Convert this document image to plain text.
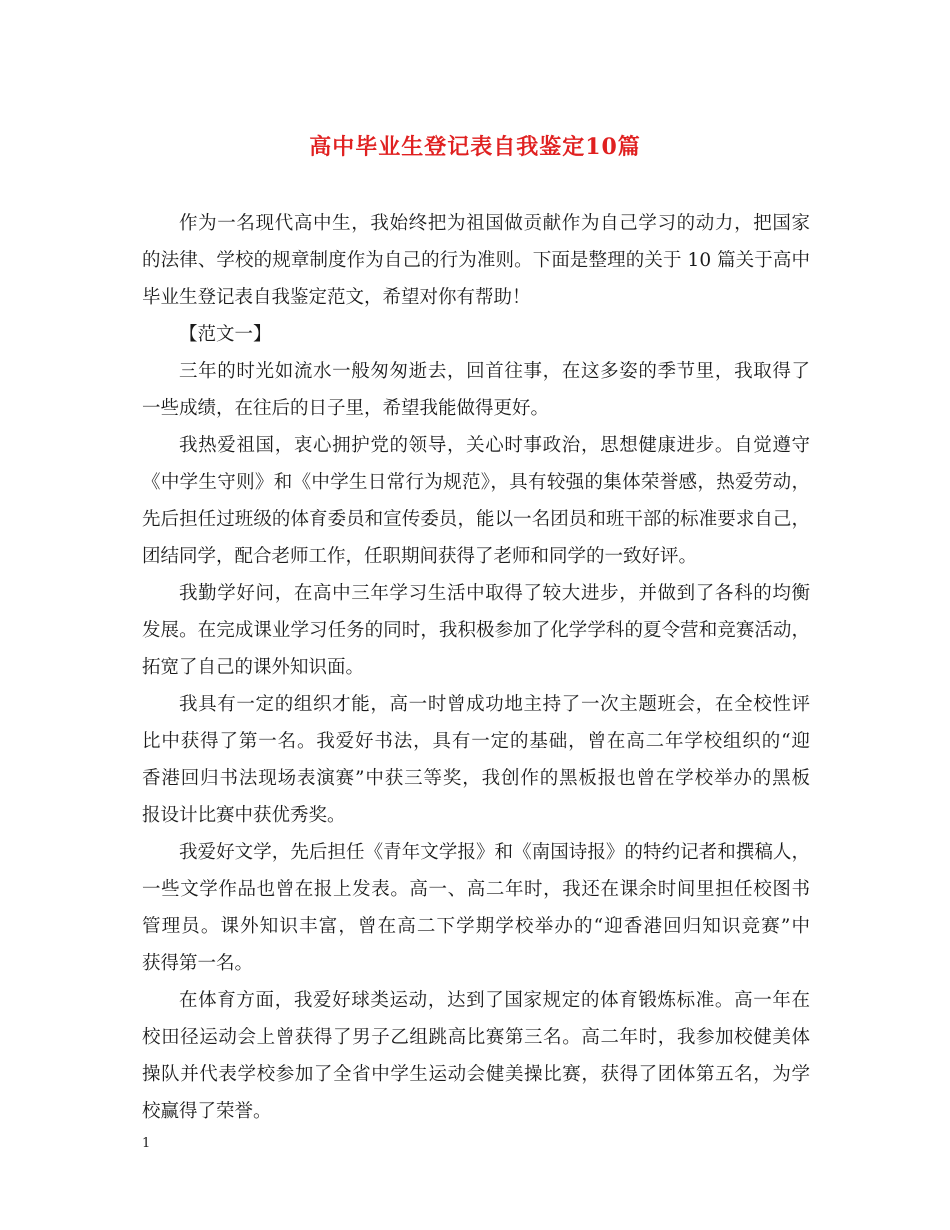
高中毕业生登记表自我鉴定10篇
作为一名现代高中生，我始终把为祖国做贡献作为自己学习的动力，把国家
的法律、学校的规章制度作为自己的行为准则。下面是整理的关于 10 篇关于高中
毕业生登记表自我鉴定范文，希望对你有帮助！
【范文一】
三年的时光如流水一般匆匆逝去，回首往事，在这多姿的季节里，我取得了
一些成绩，在往后的日子里，希望我能做得更好。
我热爱祖国，衷心拥护党的领导，关心时事政治，思想健康进步。自觉遵守
《中学生守则》和《中学生日常行为规范》，具有较强的集体荣誉感，热爱劳动，
先后担任过班级的体育委员和宣传委员，能以一名团员和班干部的标准要求自己，
团结同学，配合老师工作，任职期间获得了老师和同学的一致好评。
我勤学好问，在高中三年学习生活中取得了较大进步，并做到了各科的均衡
发展。在完成课业学习任务的同时，我积极参加了化学学科的夏令营和竞赛活动，
拓宽了自己的课外知识面。
我具有一定的组织才能，高一时曾成功地主持了一次主题班会，在全校性评
比中获得了第一名。我爱好书法，具有一定的基础，曾在高二年学校组织的“迎
香港回归书法现场表演赛”中获三等奖，我创作的黑板报也曾在学校举办的黑板
报设计比赛中获优秀奖。
我爱好文学，先后担任《青年文学报》和《南国诗报》的特约记者和撰稿人，
一些文学作品也曾在报上发表。高一、高二年时，我还在课余时间里担任校图书
管理员。课外知识丰富，曾在高二下学期学校举办的“迎香港回归知识竞赛”中
获得第一名。
在体育方面，我爱好球类运动，达到了国家规定的体育锻炼标准。高一年在
校田径运动会上曾获得了男子乙组跳高比赛第三名。高二年时，我参加校健美体
操队并代表学校参加了全省中学生运动会健美操比赛，获得了团体第五名，为学
校赢得了荣誉。
1
